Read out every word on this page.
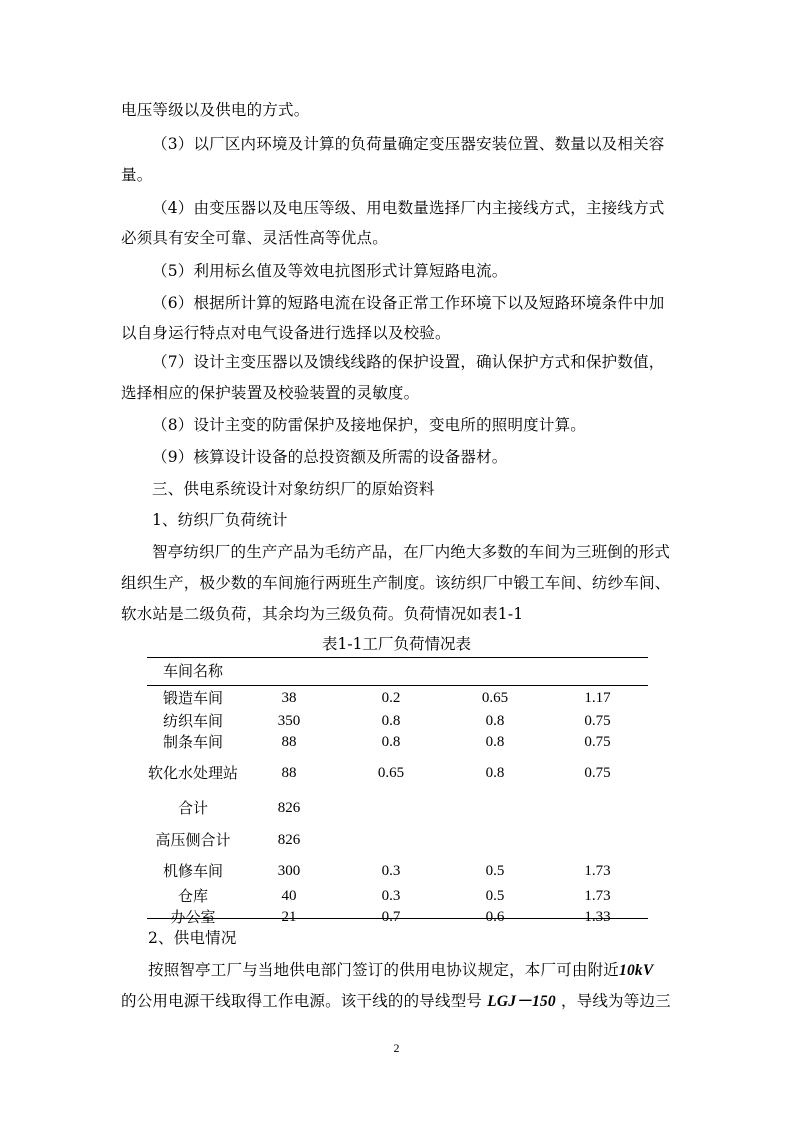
电压等级以及供电的方式。
（3）以厂区内环境及计算的负荷量确定变压器安装位置、数量以及相关容
量。
（4）由变压器以及电压等级、用电数量选择厂内主接线方式，主接线方式
必须具有安全可靠、灵活性高等优点。
（5）利用标幺值及等效电抗图形式计算短路电流。
（6）根据所计算的短路电流在设备正常工作环境下以及短路环境条件中加
以自身运行特点对电气设备进行选择以及校验。
（7）设计主变压器以及馈线线路的保护设置，确认保护方式和保护数值，
选择相应的保护装置及校验装置的灵敏度。
（8）设计主变的防雷保护及接地保护，变电所的照明度计算。
（9）核算设计设备的总投资额及所需的设备器材。
三、供电系统设计对象纺织厂的原始资料
1、纺织厂负荷统计
智亭纺织厂的生产产品为毛纺产品，在厂内绝大多数的车间为三班倒的形式
组织生产，极少数的车间施行两班生产制度。该纺织厂中锻工车间、纺纱车间、
软水站是二级负荷，其余均为三级负荷。负荷情况如表1-1
表1-1工厂负荷情况表
车间名称				
锻造车间	38	0.2	0.65	1.17
纺织车间	350	0.8	0.8	0.75
制条车间	88	0.8	0.8	0.75
软化水处理站	88	0.65	0.8	0.75
合计	826			
高压侧合计	826			
机修车间	300	0.3	0.5	1.73
仓库	40	0.3	0.5	1.73
办公室	21	0.7	0.6	1.33
2、供电情况
按照智亭工厂与当地供电部门签订的供用电协议规定，本厂可由附近10kV
的公用电源干线取得工作电源。该干线的的导线型号 LGJ－150 ，导线为等边三
2
